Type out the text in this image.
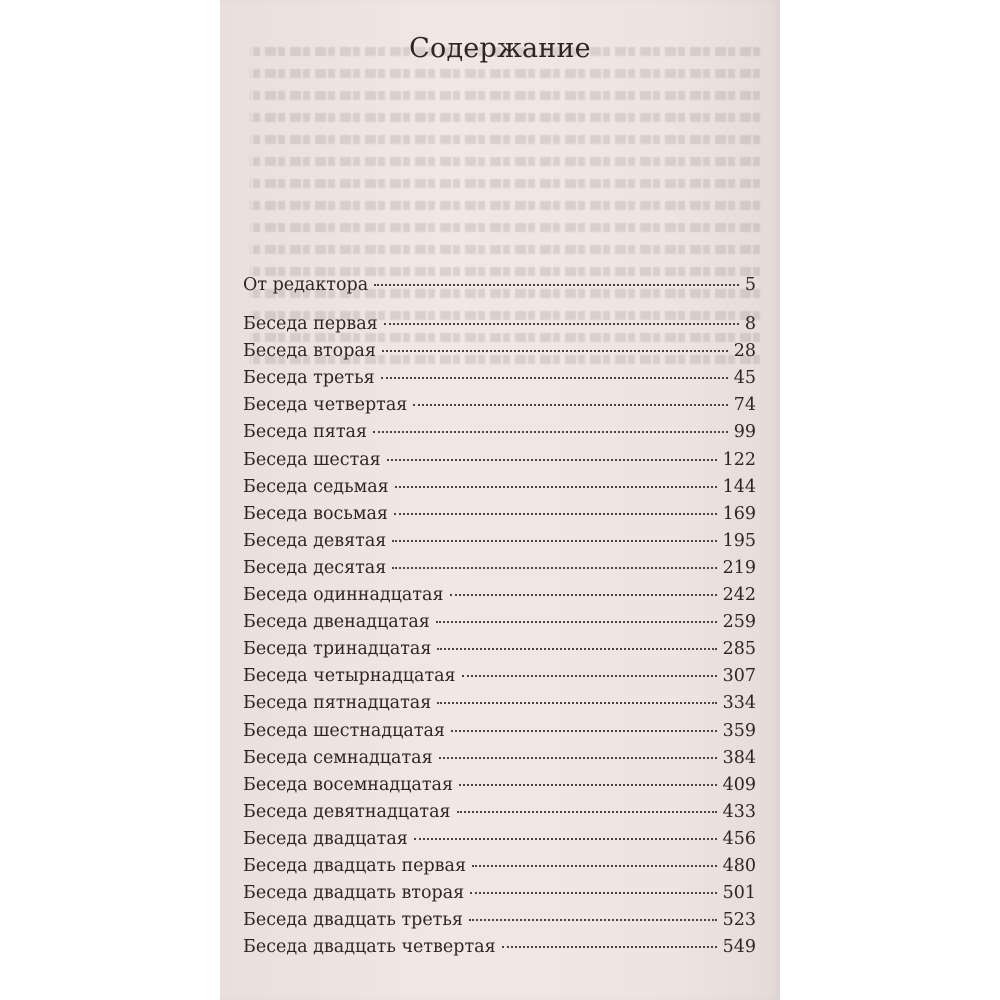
Содержание
От редактора	5
Беседа первая	8
Беседа вторая	28
Беседа третья	45
Беседа четвертая	74
Беседа пятая	99
Беседа шестая	122
Беседа седьмая	144
Беседа восьмая	169
Беседа девятая	195
Беседа десятая	219
Беседа одиннадцатая	242
Беседа двенадцатая	259
Беседа тринадцатая	285
Беседа четырнадцатая	307
Беседа пятнадцатая	334
Беседа шестнадцатая	359
Беседа семнадцатая	384
Беседа восемнадцатая	409
Беседа девятнадцатая	433
Беседа двадцатая	456
Беседа двадцать первая	480
Беседа двадцать вторая	501
Беседа двадцать третья	523
Беседа двадцать четвертая	549
